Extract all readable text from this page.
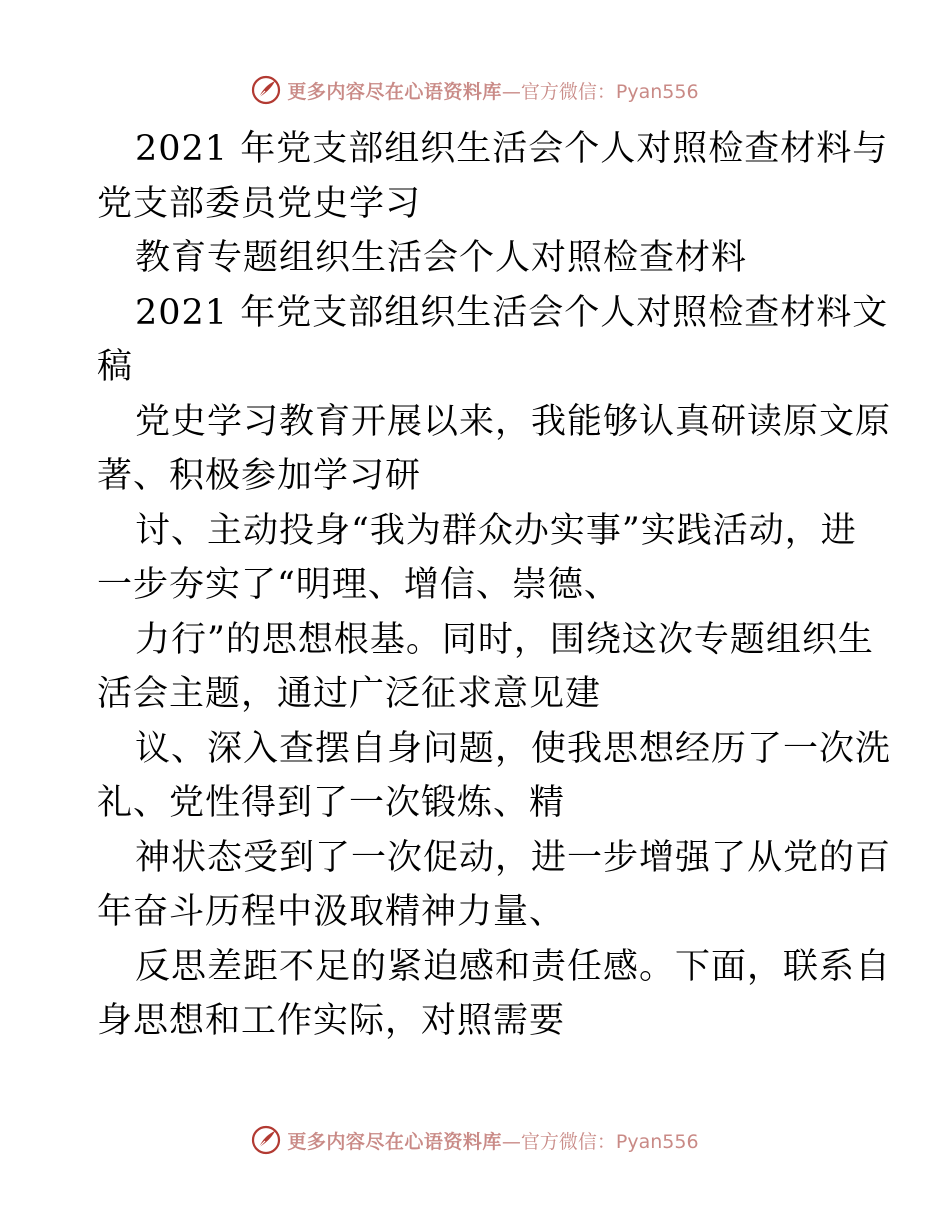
更多内容尽在心语资料库 —官方微信：Pyan556
2021 年党支部组织生活会个人对照检查材料与
党支部委员党史学习
教育专题组织生活会个人对照检查材料
2021 年党支部组织生活会个人对照检查材料文
稿
党史学习教育开展以来，我能够认真研读原文原
著、积极参加学习研
讨、主动投身“我为群众办实事”实践活动，进
一步夯实了“明理、增信、崇德、
力行”的思想根基。同时，围绕这次专题组织生
活会主题，通过广泛征求意见建
议、深入查摆自身问题，使我思想经历了一次洗
礼、党性得到了一次锻炼、精
神状态受到了一次促动，进一步增强了从党的百
年奋斗历程中汲取精神力量、
反思差距不足的紧迫感和责任感。下面，联系自
身思想和工作实际，对照需要
更多内容尽在心语资料库 —官方微信：Pyan556
